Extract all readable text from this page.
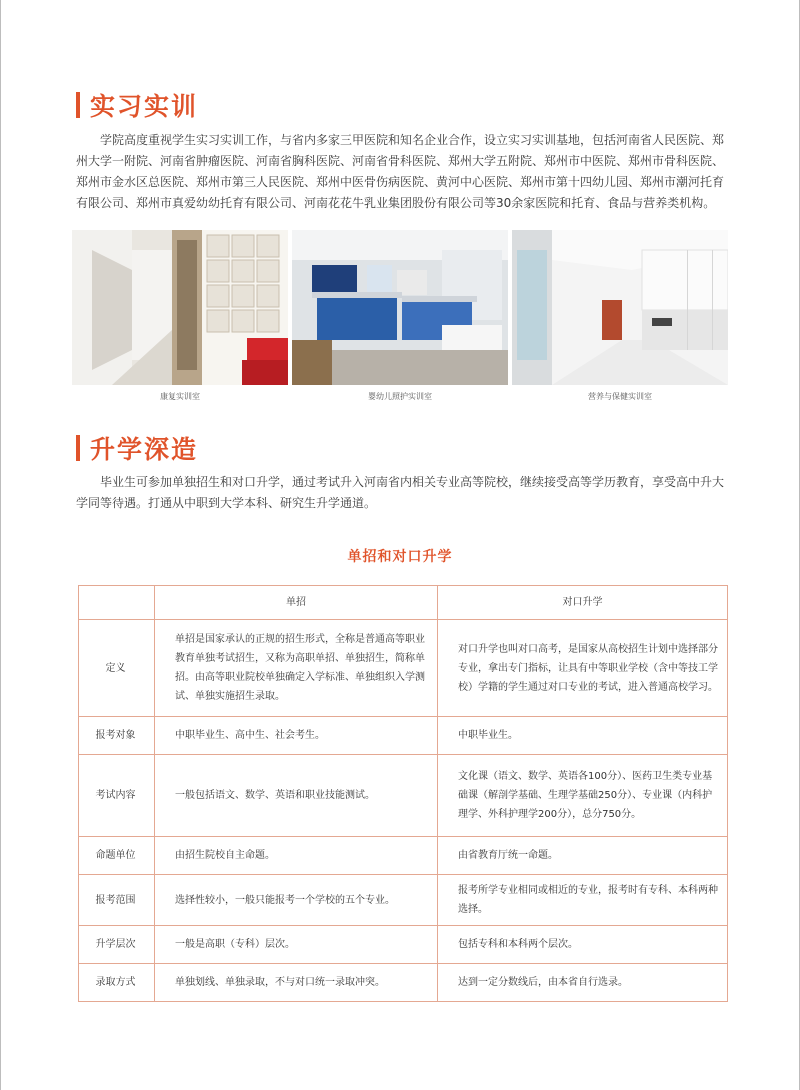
实习实训
学院高度重视学生实习实训工作，与省内多家三甲医院和知名企业合作，设立实习实训基地，包括河南省人民医院、郑州大学一附院、河南省肿瘤医院、河南省胸科医院、河南省骨科医院、郑州大学五附院、郑州市中医院、郑州市骨科医院、郑州市金水区总医院、郑州市第三人民医院、郑州中医骨伤病医院、黄河中心医院、郑州市第十四幼儿园、郑州市潮河托育有限公司、郑州市真爱幼幼托育有限公司、河南花花牛乳业集团股份有限公司等30余家医院和托育、食品与营养类机构。
康复实训室	婴幼儿照护实训室	营养与保健实训室
升学深造
毕业生可参加单独招生和对口升学，通过考试升入河南省内相关专业高等院校，继续接受高等学历教育，享受高中升大学同等待遇。打通从中职到大学本科、研究生升学通道。
单招和对口升学
	单招	对口升学
定义	单招是国家承认的正规的招生形式，全称是普通高等职业教育单独考试招生，又称为高职单招、单独招生，简称单招。由高等职业院校单独确定入学标准、单独组织入学测试、单独实施招生录取。	对口升学也叫对口高考，是国家从高校招生计划中选择部分专业，拿出专门指标，让具有中等职业学校（含中等技工学校）学籍的学生通过对口专业的考试，进入普通高校学习。
报考对象	中职毕业生、高中生、社会考生。	中职毕业生。
考试内容	一般包括语文、数学、英语和职业技能测试。	文化课（语文、数学、英语各100分）、医药卫生类专业基础课（解剖学基础、生理学基础250分）、专业课（内科护理学、外科护理学200分），总分750分。
命题单位	由招生院校自主命题。	由省教育厅统一命题。
报考范围	选择性较小，一般只能报考一个学校的五个专业。	报考所学专业相同或相近的专业，报考时有专科、本科两种选择。
升学层次	一般是高职（专科）层次。	包括专科和本科两个层次。
录取方式	单独划线、单独录取，不与对口统一录取冲突。	达到一定分数线后，由本省自行选录。
